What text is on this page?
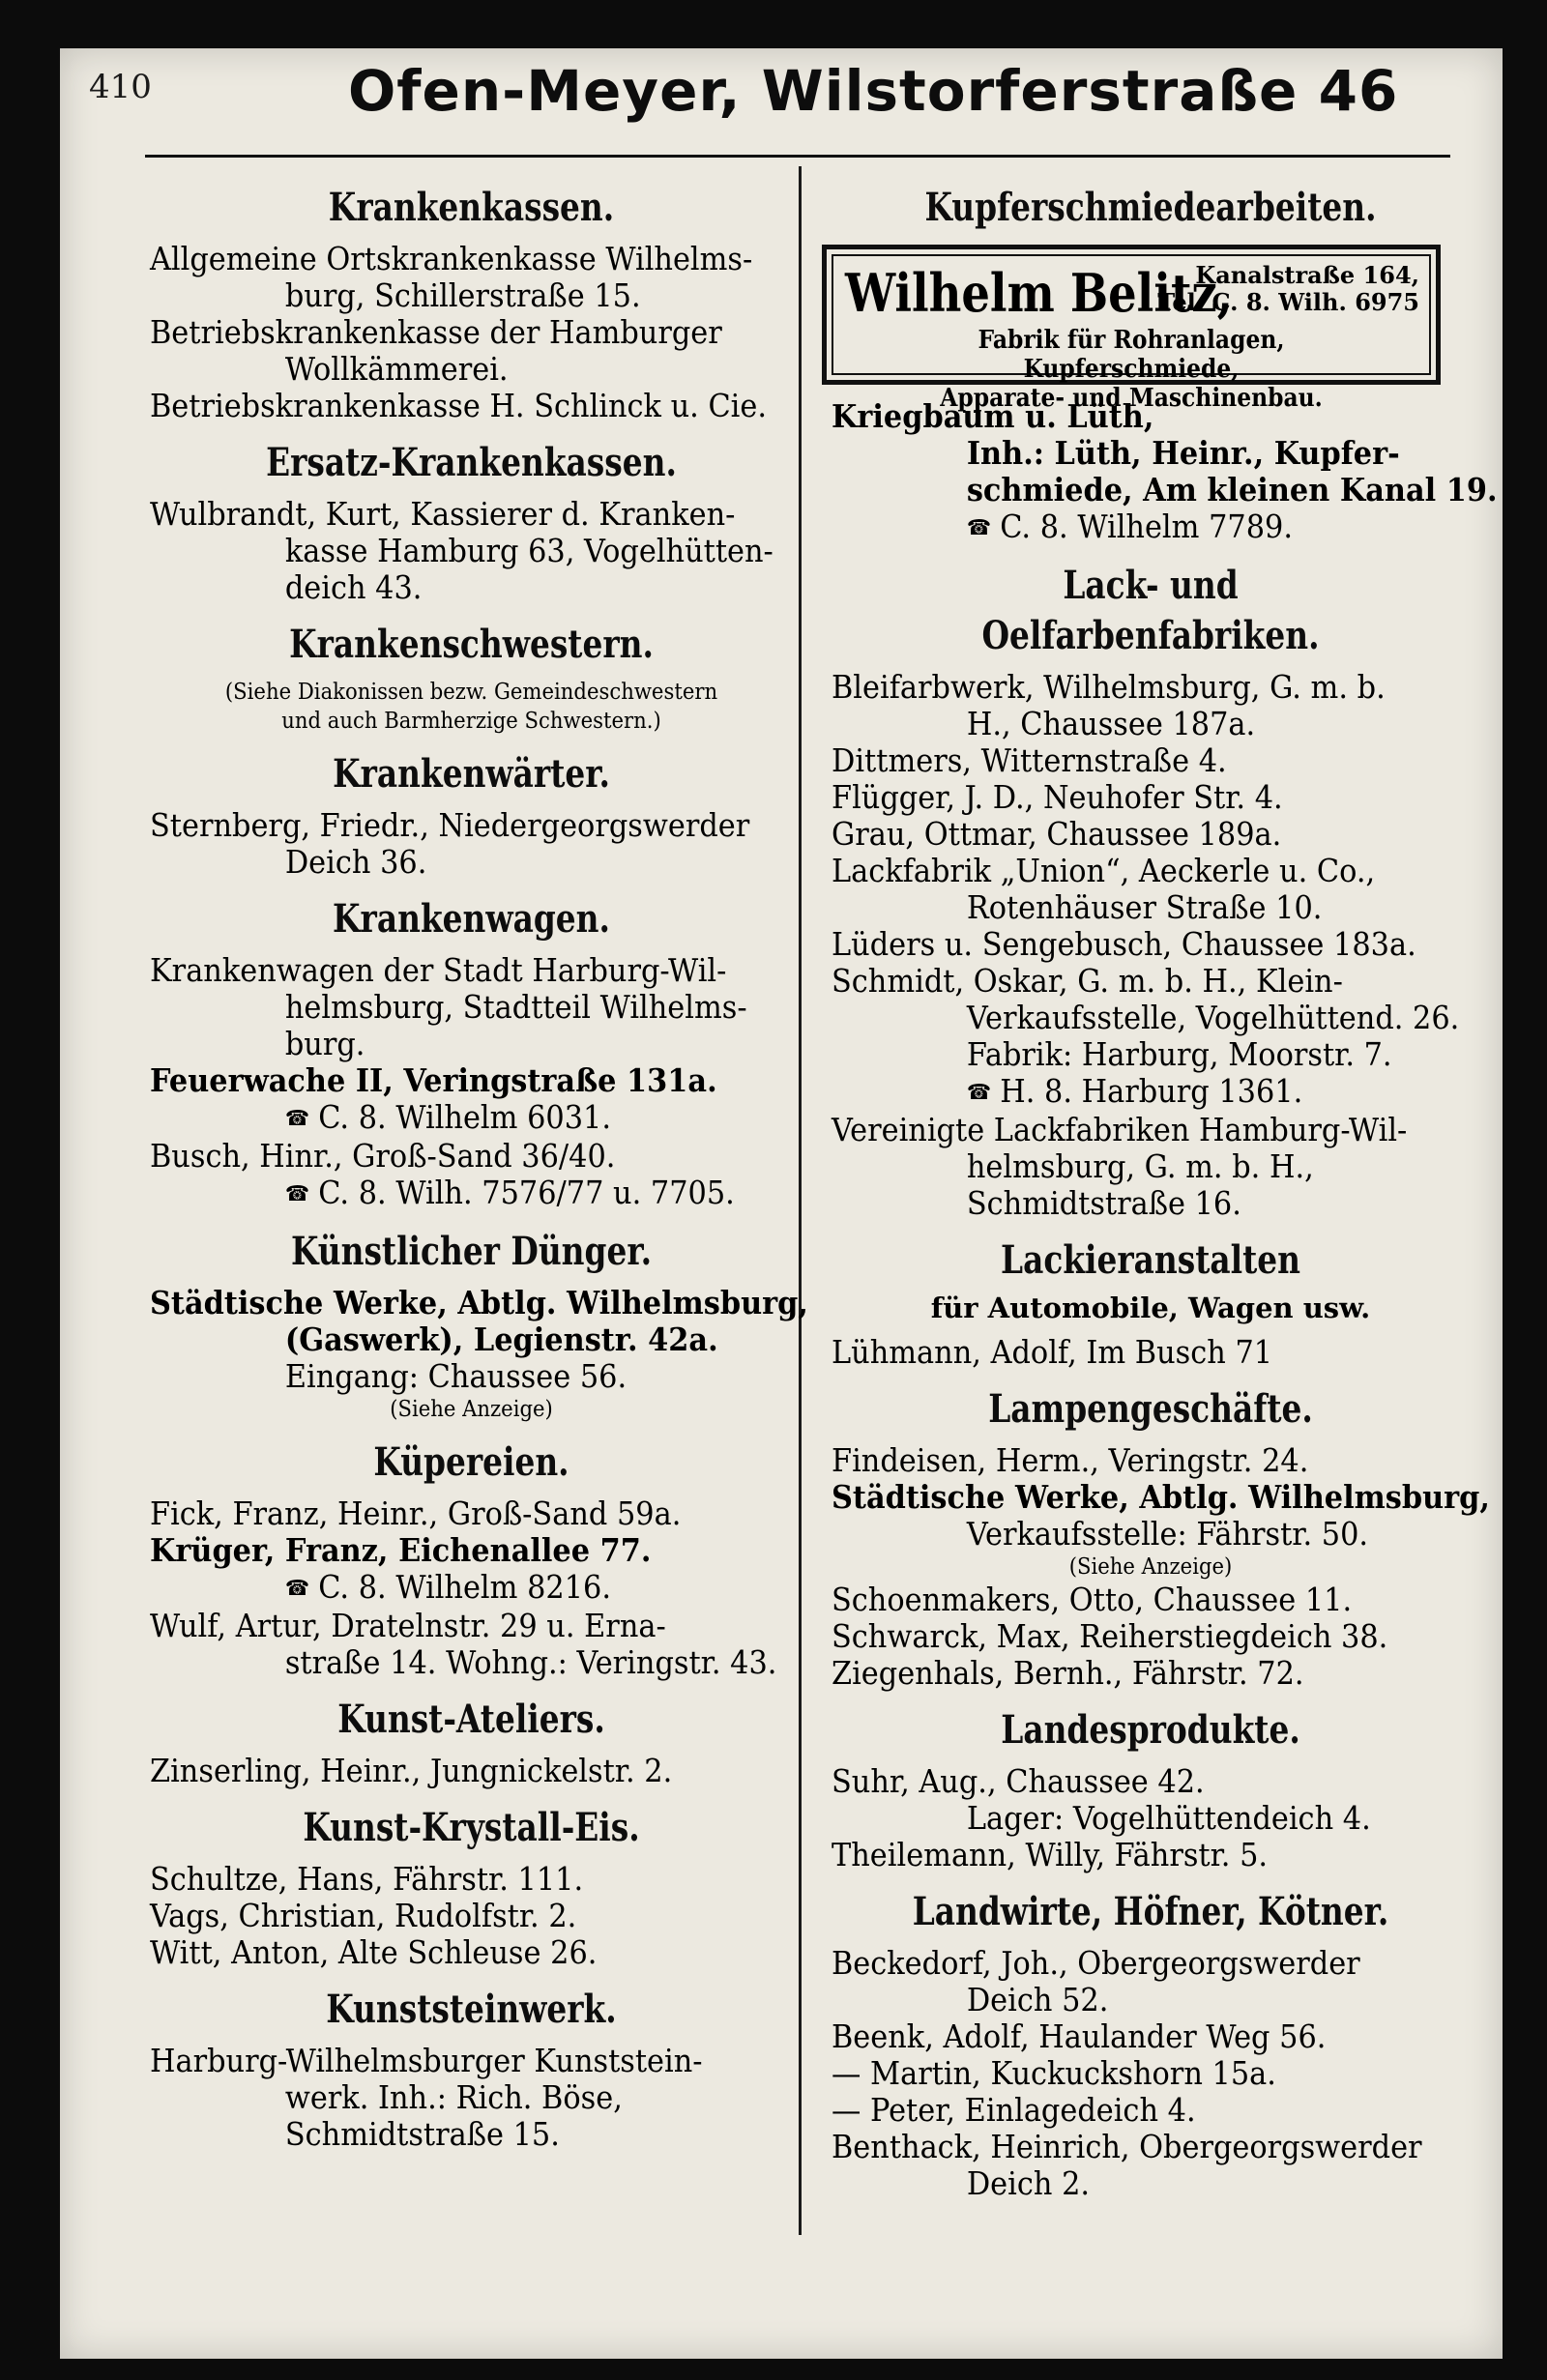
410	Ofen-Meyer, Wilstorferstraße 46
Krankenkassen.
Allgemeine Ortskrankenkasse Wilhelms-
burg, Schillerstraße 15.
Betriebskrankenkasse der Hamburger
Wollkämmerei.
Betriebskrankenkasse H. Schlinck u. Cie.
Ersatz-Krankenkassen.
Wulbrandt, Kurt, Kassierer d. Kranken-
kasse Hamburg 63, Vogelhütten-
deich 43.
Krankenschwestern.
(Siehe Diakonissen bezw. Gemeindeschwestern
und auch Barmherzige Schwestern.)
Krankenwärter.
Sternberg, Friedr., Niedergeorgswerder
Deich 36.
Krankenwagen.
Krankenwagen der Stadt Harburg-Wil-
helmsburg, Stadtteil Wilhelms-
burg.
Feuerwache II, Veringstraße 131a.
☎ C. 8. Wilhelm 6031.
Busch, Hinr., Groß-Sand 36/40.
☎ C. 8. Wilh. 7576/77 u. 7705.
Künstlicher Dünger.
Städtische Werke, Abtlg. Wilhelmsburg,
(Gaswerk), Legienstr. 42a.
Eingang: Chaussee 56.
(Siehe Anzeige)
Küpereien.
Fick, Franz, Heinr., Groß-Sand 59a.
Krüger, Franz, Eichenallee 77.
☎ C. 8. Wilhelm 8216.
Wulf, Artur, Dratelnstr. 29 u. Erna-
straße 14. Wohng.: Veringstr. 43.
Kunst-Ateliers.
Zinserling, Heinr., Jungnickelstr. 2.
Kunst-Krystall-Eis.
Schultze, Hans, Fährstr. 111.
Vags, Christian, Rudolfstr. 2.
Witt, Anton, Alte Schleuse 26.
Kunststeinwerk.
Harburg-Wilhelmsburger Kunststein-
werk. Inh.: Rich. Böse,
Schmidtstraße 15.
Kupferschmiedearbeiten.
Wilhelm Belitz,
Kanalstraße 164,
Tel. C. 8. Wilh. 6975
Fabrik für Rohranlagen, Kupferschmiede,
Apparate- und Maschinenbau.
Kriegbaum u. Lüth,
Inh.: Lüth, Heinr., Kupfer-
schmiede, Am kleinen Kanal 19.
☎ C. 8. Wilhelm 7789.
Lack- und Oelfarbenfabriken.
Bleifarbwerk, Wilhelmsburg, G. m. b.
H., Chaussee 187a.
Dittmers, Witternstraße 4.
Flügger, J. D., Neuhofer Str. 4.
Grau, Ottmar, Chaussee 189a.
Lackfabrik „Union“, Aeckerle u. Co.,
Rotenhäuser Straße 10.
Lüders u. Sengebusch, Chaussee 183a.
Schmidt, Oskar, G. m. b. H., Klein-
Verkaufsstelle, Vogelhüttend. 26.
Fabrik: Harburg, Moorstr. 7.
☎ H. 8. Harburg 1361.
Vereinigte Lackfabriken Hamburg-Wil-
helmsburg, G. m. b. H.,
Schmidtstraße 16.
Lackieranstalten
für Automobile, Wagen usw.
Lühmann, Adolf, Im Busch 71
Lampengeschäfte.
Findeisen, Herm., Veringstr. 24.
Städtische Werke, Abtlg. Wilhelmsburg,
Verkaufsstelle: Fährstr. 50.
(Siehe Anzeige)
Schoenmakers, Otto, Chaussee 11.
Schwarck, Max, Reiherstiegdeich 38.
Ziegenhals, Bernh., Fährstr. 72.
Landesprodukte.
Suhr, Aug., Chaussee 42.
Lager: Vogelhüttendeich 4.
Theilemann, Willy, Fährstr. 5.
Landwirte, Höfner, Kötner.
Beckedorf, Joh., Obergeorgswerder
Deich 52.
Beenk, Adolf, Haulander Weg 56.
— Martin, Kuckuckshorn 15a.
— Peter, Einlagedeich 4.
Benthack, Heinrich, Obergeorgswerder
Deich 2.
